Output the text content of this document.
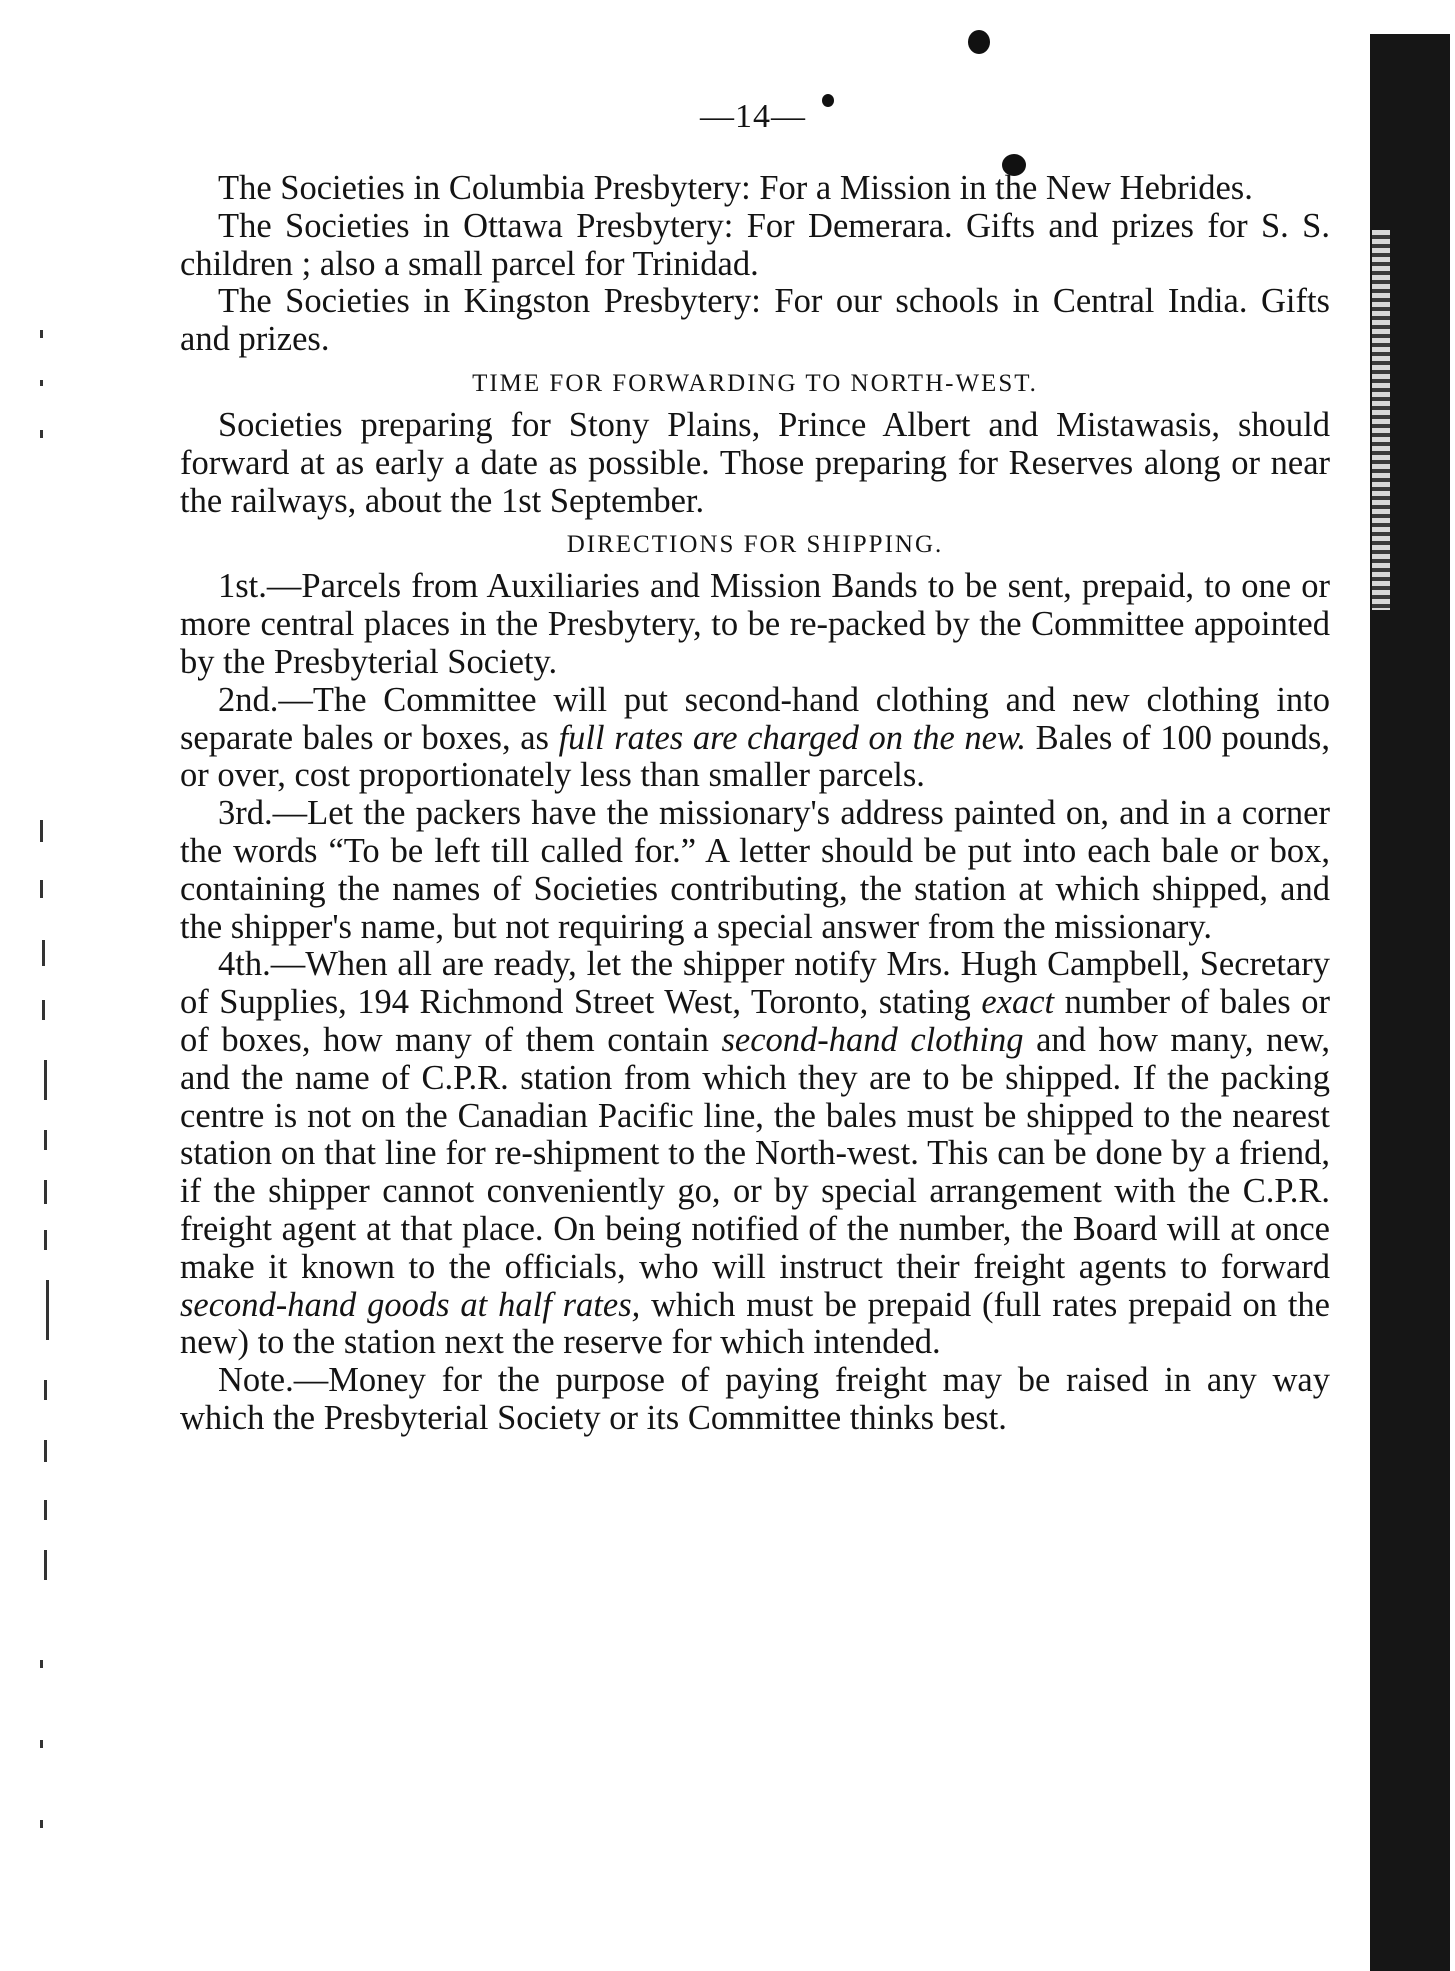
—14—

The Societies in Columbia Presbytery: For a Mission in the New Hebrides.

The Societies in Ottawa Presbytery: For Demerara. Gifts and prizes for S. S. children ; also a small parcel for Trinidad.

The Societies in Kingston Presbytery: For our schools in Central India. Gifts and prizes.

TIME FOR FORWARDING TO NORTH-WEST.

Societies preparing for Stony Plains, Prince Albert and Mistawasis, should forward at as early a date as possible. Those preparing for Reserves along or near the railways, about the 1st September.

DIRECTIONS FOR SHIPPING.

1st.—Parcels from Auxiliaries and Mission Bands to be sent, prepaid, to one or more central places in the Presbytery, to be re-packed by the Committee appointed by the Presbyterial Society.

2nd.—The Committee will put second-hand clothing and new clothing into separate bales or boxes, as full rates are charged on the new. Bales of 100 pounds, or over, cost proportionately less than smaller parcels.

3rd.—Let the packers have the missionary's address painted on, and in a corner the words “To be left till called for.” A letter should be put into each bale or box, containing the names of Societies contributing, the station at which shipped, and the shipper's name, but not requiring a special answer from the missionary.

4th.—When all are ready, let the shipper notify Mrs. Hugh Campbell, Secretary of Supplies, 194 Richmond Street West, Toronto, stating exact number of bales or of boxes, how many of them contain second-hand clothing and how many, new, and the name of C.P.R. station from which they are to be shipped. If the packing centre is not on the Canadian Pacific line, the bales must be shipped to the nearest station on that line for re-shipment to the North-west. This can be done by a friend, if the shipper cannot conveniently go, or by special arrangement with the C.P.R. freight agent at that place. On being notified of the number, the Board will at once make it known to the officials, who will instruct their freight agents to forward second-hand goods at half rates, which must be prepaid (full rates prepaid on the new) to the station next the reserve for which intended.

Note.—Money for the purpose of paying freight may be raised in any way which the Presbyterial Society or its Committee thinks best.
